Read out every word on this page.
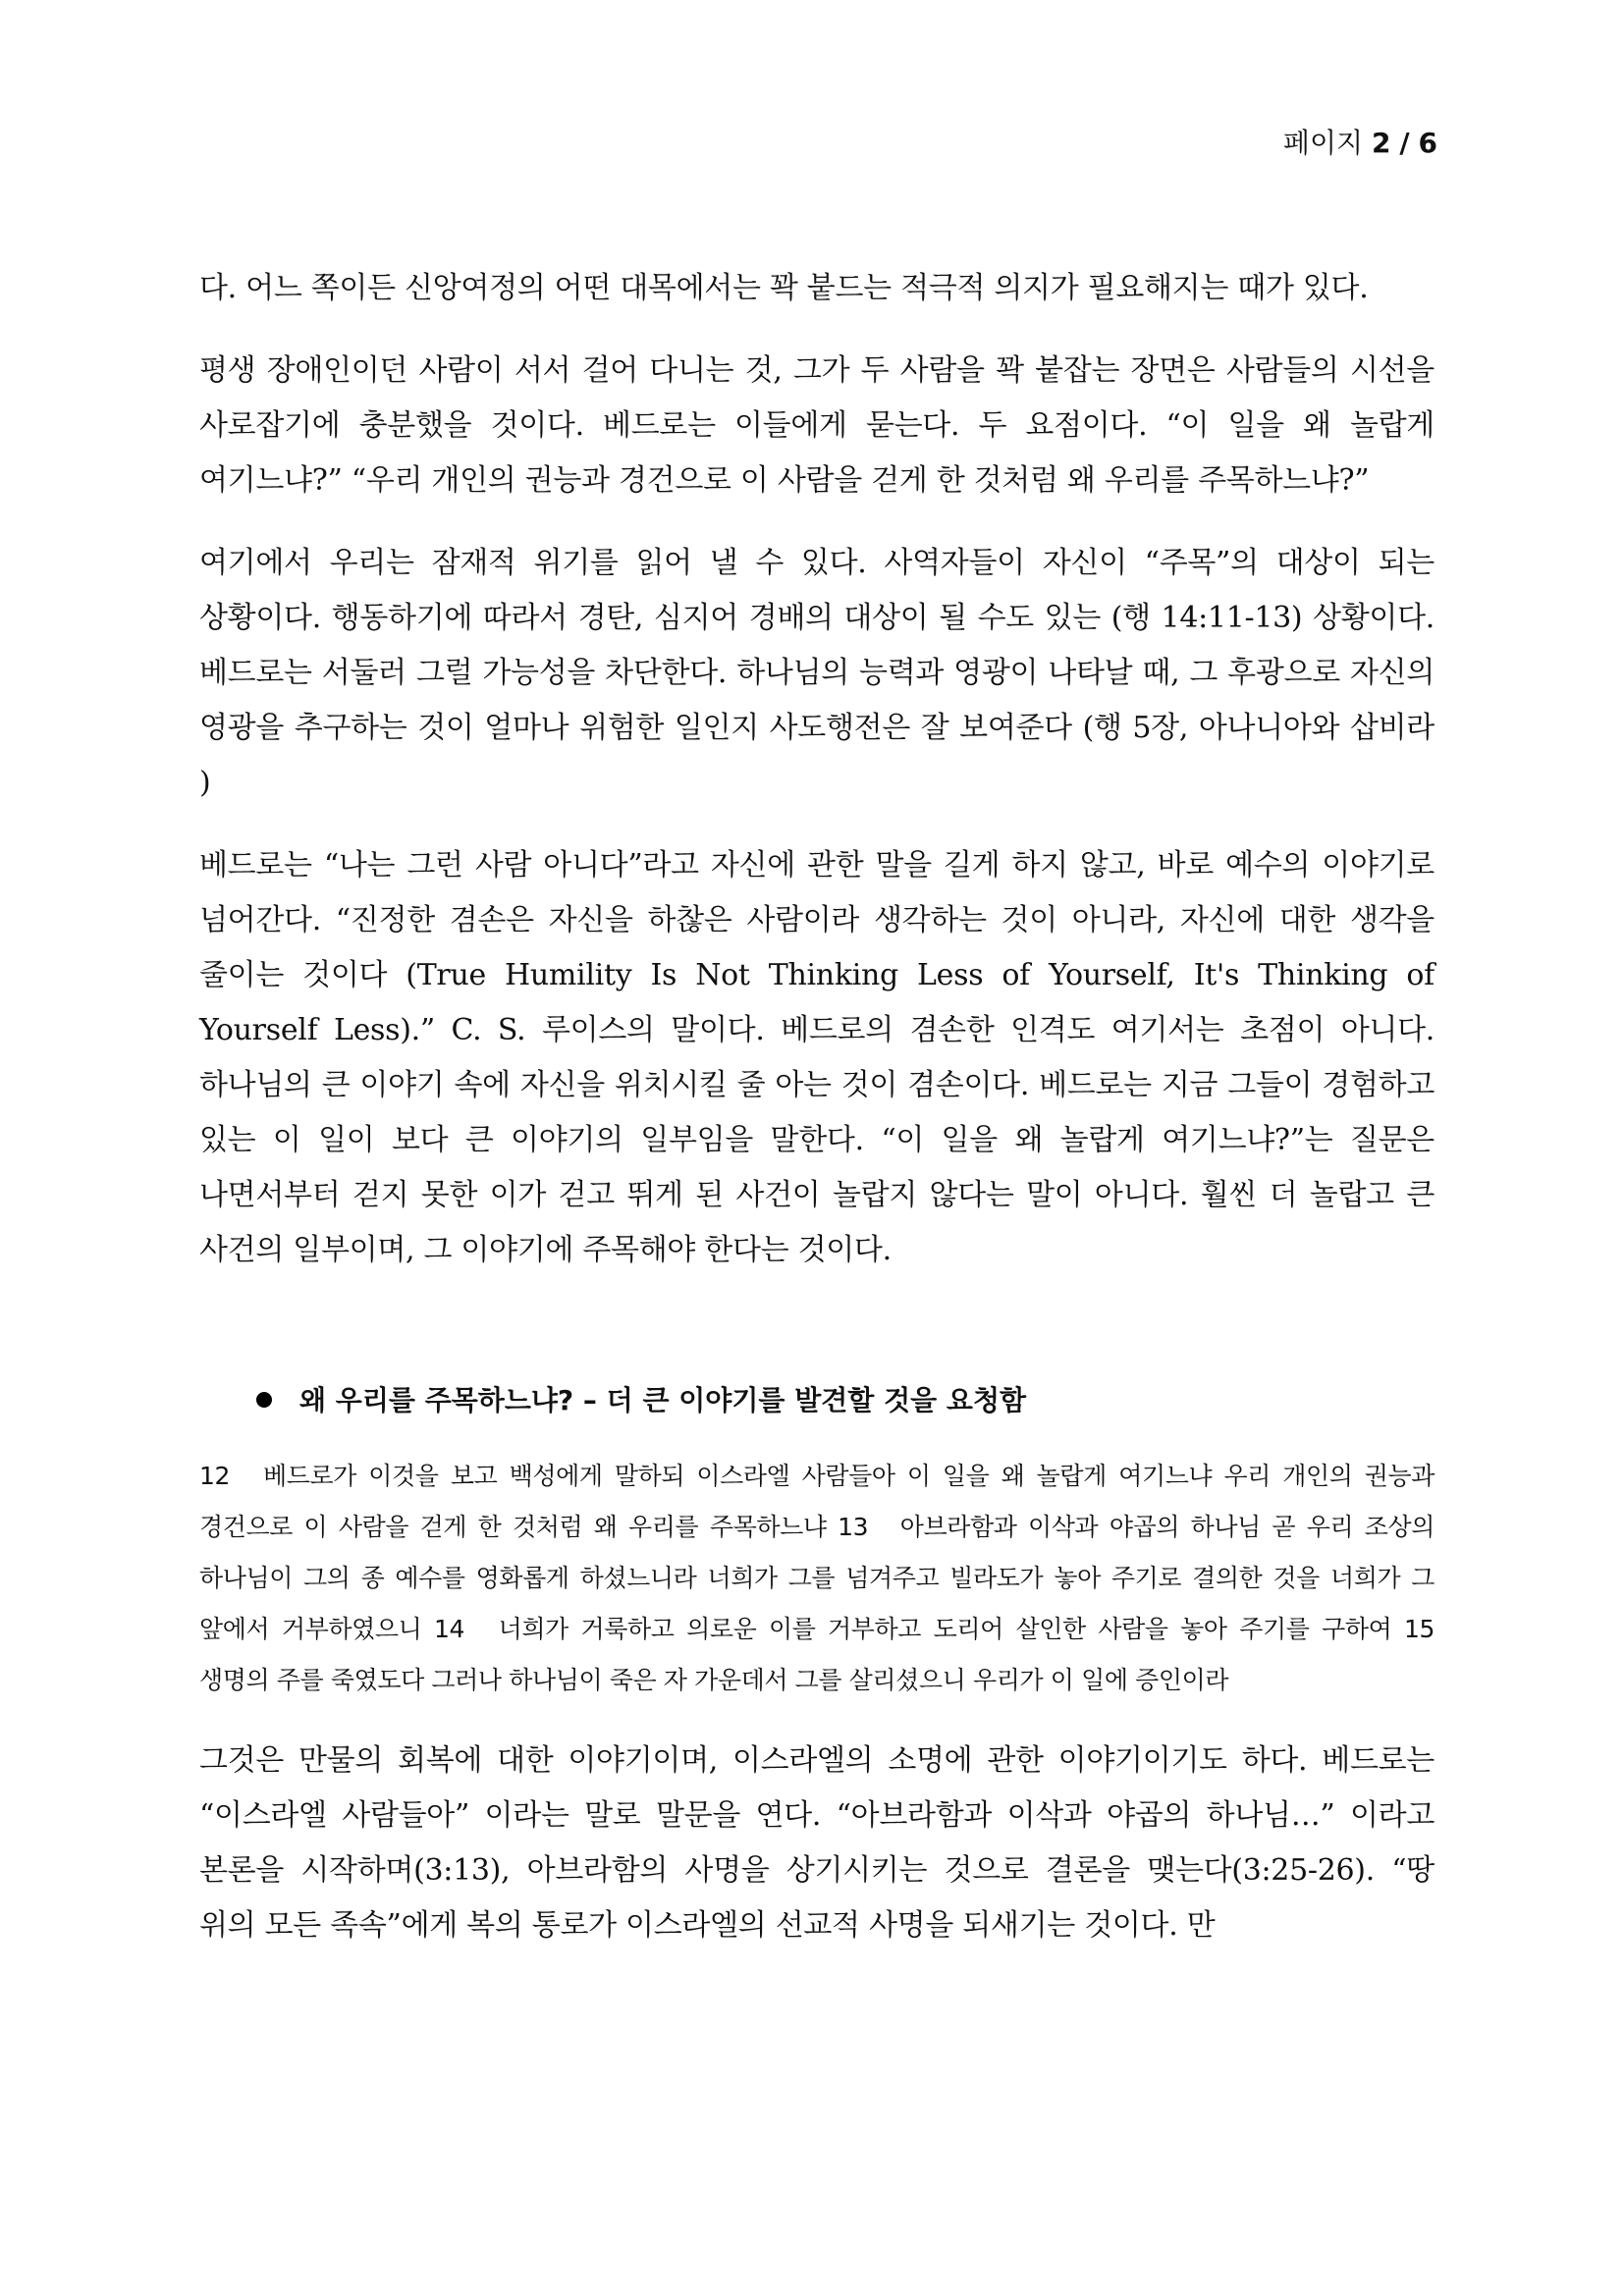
페이지 2 / 6

다. 어느 쪽이든 신앙여정의 어떤 대목에서는 꽉 붙드는 적극적 의지가 필요해지는 때가 있다.

평생 장애인이던 사람이 서서 걸어 다니는 것, 그가 두 사람을 꽉 붙잡는 장면은 사람들의 시선을 사로잡기에 충분했을 것이다. 베드로는 이들에게 묻는다. 두 요점이다. “이 일을 왜 놀랍게 여기느냐?” “우리 개인의 권능과 경건으로 이 사람을 걷게 한 것처럼 왜 우리를 주목하느냐?”

여기에서 우리는 잠재적 위기를 읽어 낼 수 있다. 사역자들이 자신이 “주목”의 대상이 되는 상황이다. 행동하기에 따라서 경탄, 심지어 경배의 대상이 될 수도 있는 (행 14:11-13) 상황이다. 베드로는 서둘러 그럴 가능성을 차단한다. 하나님의 능력과 영광이 나타날 때, 그 후광으로 자신의 영광을 추구하는 것이 얼마나 위험한 일인지 사도행전은 잘 보여준다 (행 5장, 아나니아와 삽비라 )

베드로는 “나는 그런 사람 아니다”라고 자신에 관한 말을 길게 하지 않고, 바로 예수의 이야기로 넘어간다. “진정한 겸손은 자신을 하찮은 사람이라 생각하는 것이 아니라, 자신에 대한 생각을 줄이는 것이다 (True Humility Is Not Thinking Less of Yourself, It's Thinking of Yourself Less).” C. S. 루이스의 말이다. 베드로의 겸손한 인격도 여기서는 초점이 아니다. 하나님의 큰 이야기 속에 자신을 위치시킬 줄 아는 것이 겸손이다. 베드로는 지금 그들이 경험하고 있는 이 일이 보다 큰 이야기의 일부임을 말한다. “이 일을 왜 놀랍게 여기느냐?”는 질문은 나면서부터 걷지 못한 이가 걷고 뛰게 된 사건이 놀랍지 않다는 말이 아니다. 훨씬 더 놀랍고 큰 사건의 일부이며, 그 이야기에 주목해야 한다는 것이다.

왜 우리를 주목하느냐? – 더 큰 이야기를 발견할 것을 요청함

12　베드로가 이것을 보고 백성에게 말하되 이스라엘 사람들아 이 일을 왜 놀랍게 여기느냐 우리 개인의 권능과 경건으로 이 사람을 걷게 한 것처럼 왜 우리를 주목하느냐 13　아브라함과 이삭과 야곱의 하나님 곧 우리 조상의 하나님이 그의 종 예수를 영화롭게 하셨느니라 너희가 그를 넘겨주고 빌라도가 놓아 주기로 결의한 것을 너희가 그 앞에서 거부하였으니 14　너희가 거룩하고 의로운 이를 거부하고 도리어 살인한 사람을 놓아 주기를 구하여 15　생명의 주를 죽였도다 그러나 하나님이 죽은 자 가운데서 그를 살리셨으니 우리가 이 일에 증인이라

그것은 만물의 회복에 대한 이야기이며, 이스라엘의 소명에 관한 이야기이기도 하다. 베드로는 “이스라엘 사람들아” 이라는 말로 말문을 연다. “아브라함과 이삭과 야곱의 하나님…” 이라고 본론을 시작하며(3:13), 아브라함의 사명을 상기시키는 것으로 결론을 맺는다(3:25-26). “땅 위의 모든 족속”에게 복의 통로가 이스라엘의 선교적 사명을 되새기는 것이다. 만
